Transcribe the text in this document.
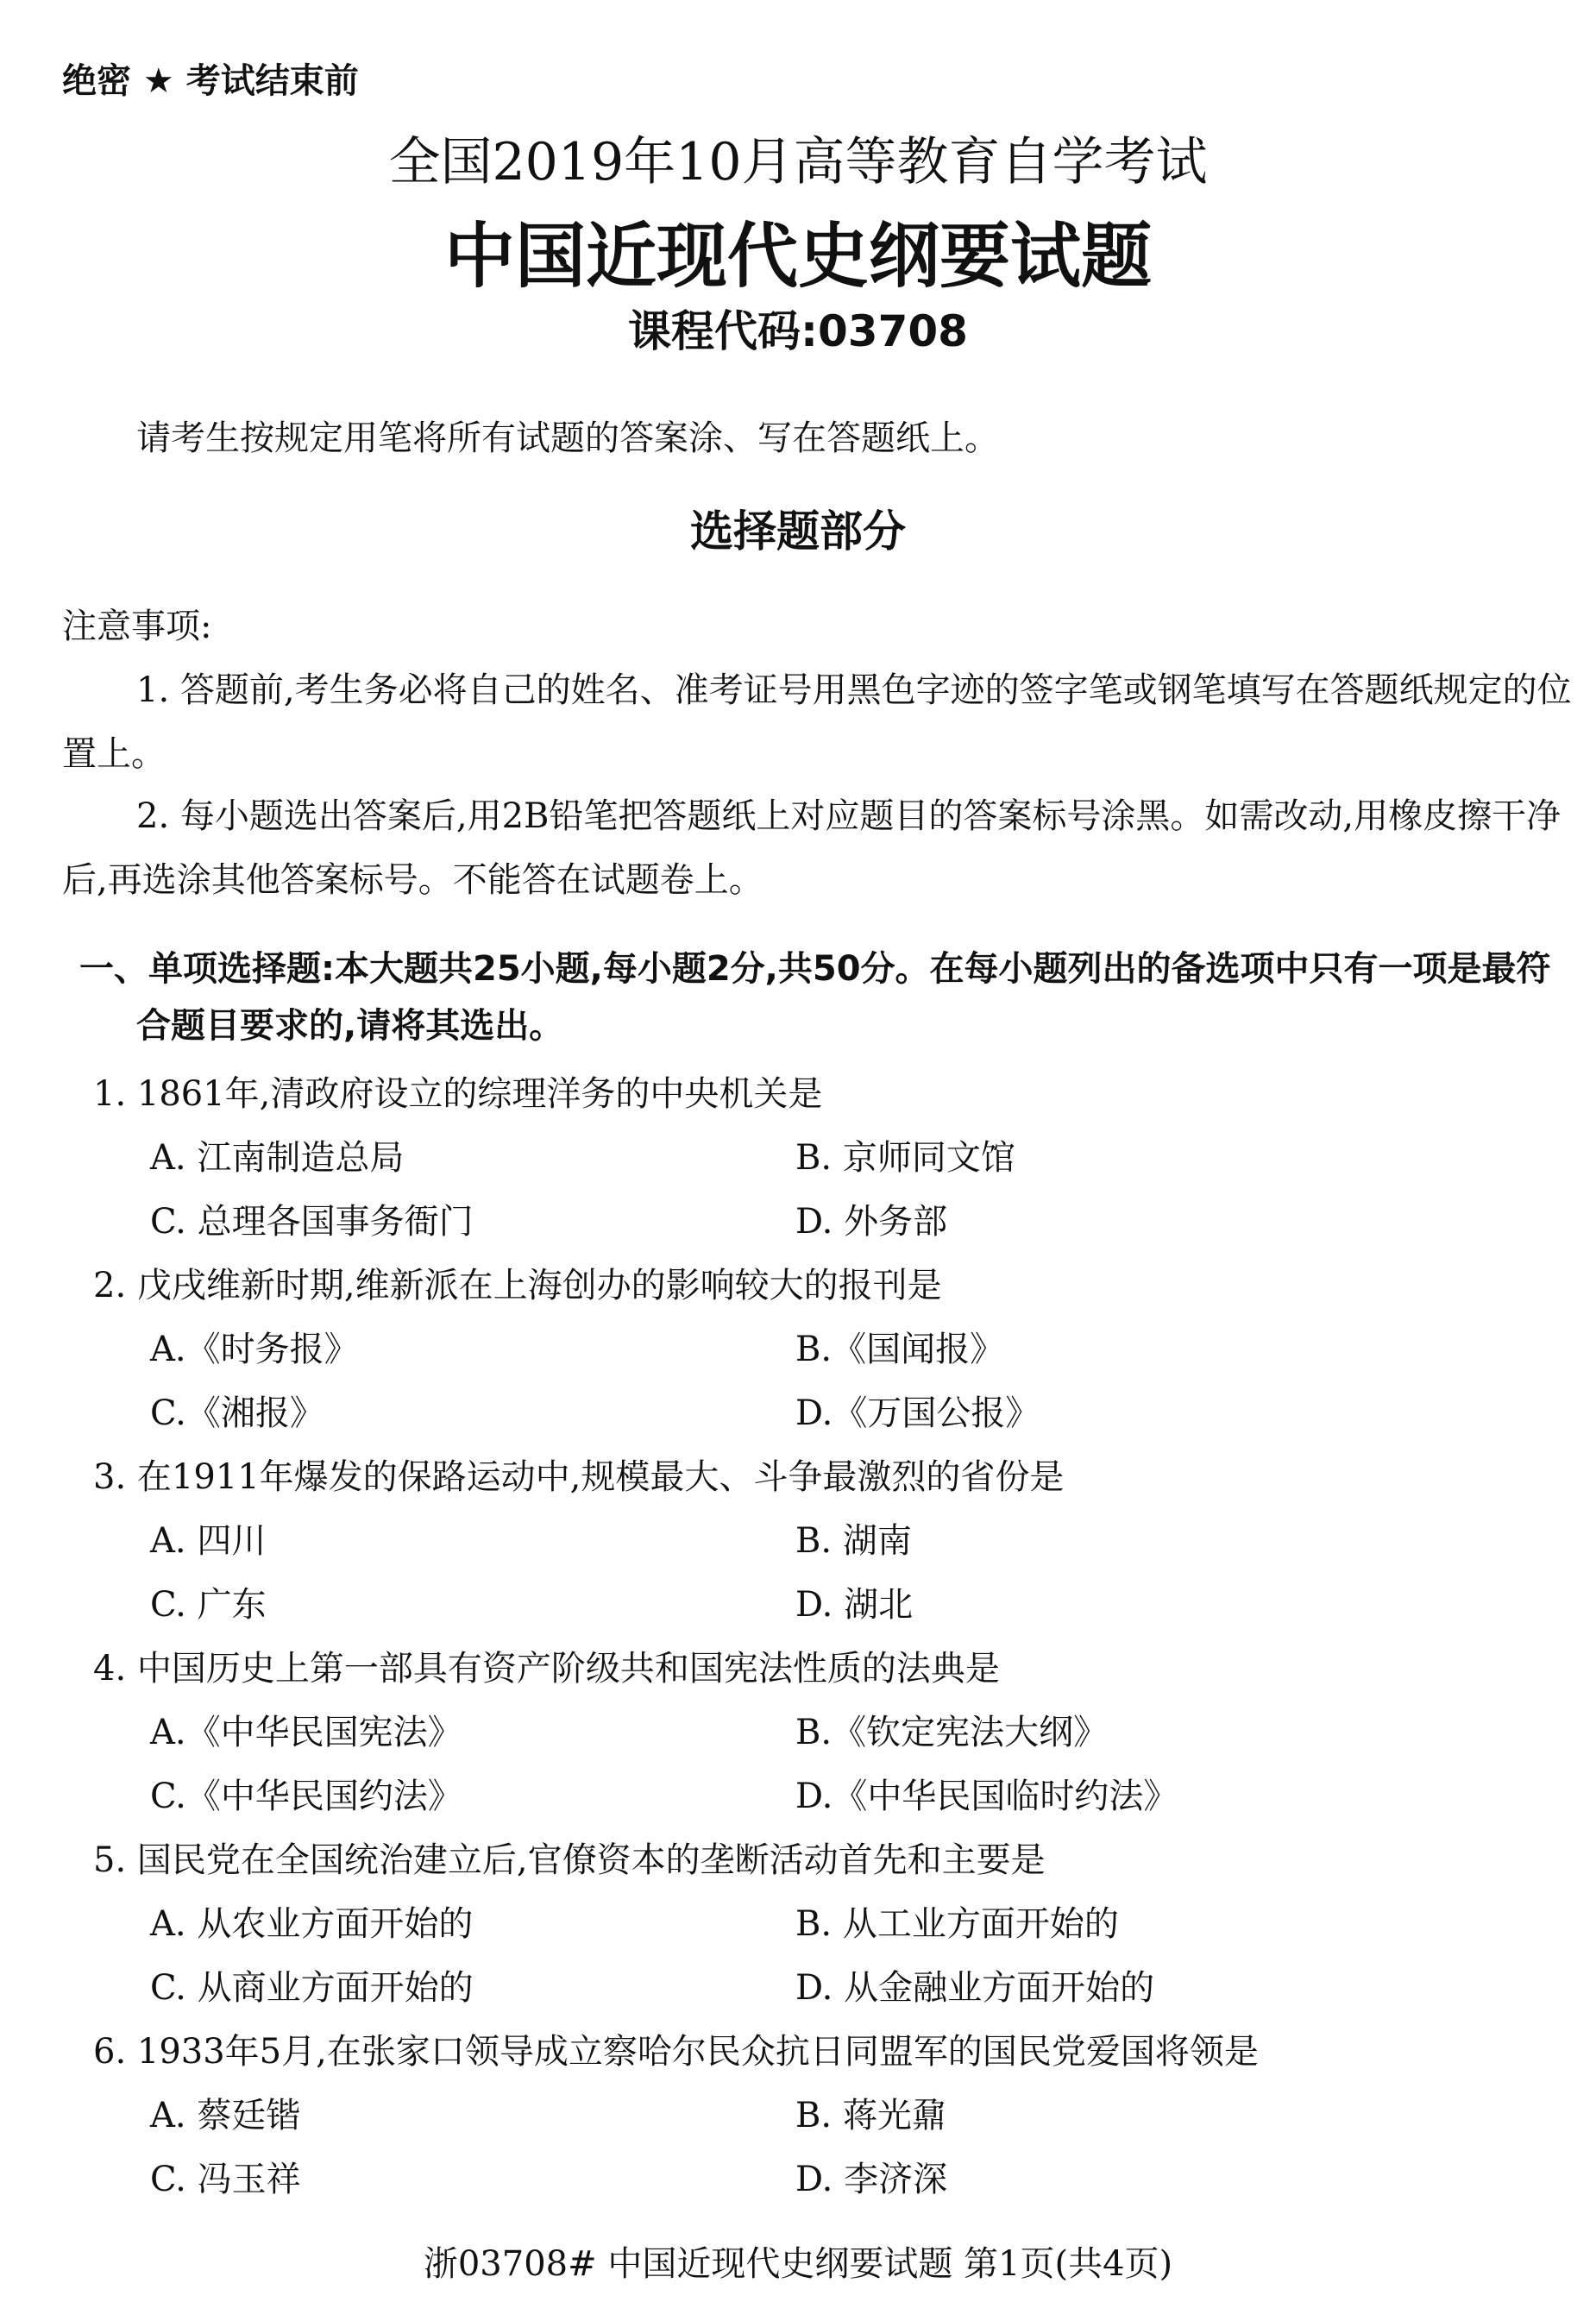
绝密 ★ 考试结束前
全国2019年10月高等教育自学考试
中国近现代史纲要试题
课程代码:03708
请考生按规定用笔将所有试题的答案涂、写在答题纸上。
选择题部分
注意事项:
1. 答题前,考生务必将自己的姓名、准考证号用黑色字迹的签字笔或钢笔填写在答题纸规定的位置上。
2. 每小题选出答案后,用2B铅笔把答题纸上对应题目的答案标号涂黑。如需改动,用橡皮擦干净后,再选涂其他答案标号。不能答在试题卷上。
一、单项选择题:本大题共25小题,每小题2分,共50分。在每小题列出的备选项中只有一项是最符合题目要求的,请将其选出。
1. 1861年,清政府设立的综理洋务的中央机关是
A. 江南制造总局	B. 京师同文馆
C. 总理各国事务衙门	D. 外务部
2. 戊戌维新时期,维新派在上海创办的影响较大的报刊是
A.《时务报》	B.《国闻报》
C.《湘报》	D.《万国公报》
3. 在1911年爆发的保路运动中,规模最大、斗争最激烈的省份是
A. 四川	B. 湖南
C. 广东	D. 湖北
4. 中国历史上第一部具有资产阶级共和国宪法性质的法典是
A.《中华民国宪法》	B.《钦定宪法大纲》
C.《中华民国约法》	D.《中华民国临时约法》
5. 国民党在全国统治建立后,官僚资本的垄断活动首先和主要是
A. 从农业方面开始的	B. 从工业方面开始的
C. 从商业方面开始的	D. 从金融业方面开始的
6. 1933年5月,在张家口领导成立察哈尔民众抗日同盟军的国民党爱国将领是
A. 蔡廷锴	B. 蒋光鼐
C. 冯玉祥	D. 李济深
浙03708# 中国近现代史纲要试题 第1页(共4页)
